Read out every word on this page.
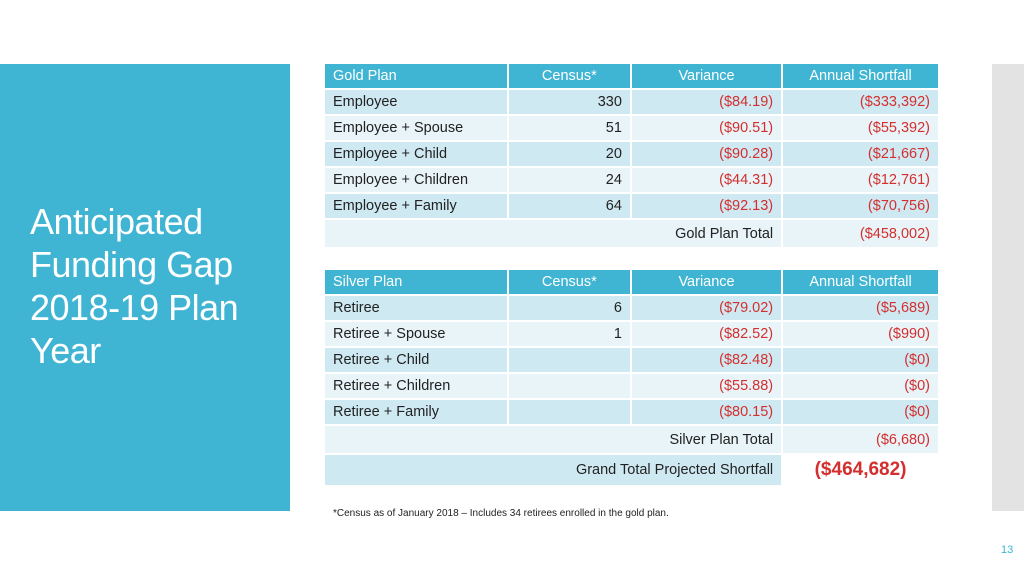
Anticipated Funding Gap 2018-19 Plan Year
Gold Plan	Census*	Variance	Annual Shortfall
Employee	330	($84.19)	($333,392)
Employee + Spouse	51	($90.51)	($55,392)
Employee + Child	20	($90.28)	($21,667)
Employee + Children	24	($44.31)	($12,761)
Employee + Family	64	($92.13)	($70,756)
Gold Plan Total			($458,002)
Silver Plan	Census*	Variance	Annual Shortfall
Retiree	6	($79.02)	($5,689)
Retiree + Spouse	1	($82.52)	($990)
Retiree + Child		($82.48)	($0)
Retiree + Children		($55.88)	($0)
Retiree + Family		($80.15)	($0)
Silver Plan Total			($6,680)
Grand Total Projected Shortfall			($464,682)
*Census as of January 2018 – Includes 34 retirees enrolled in the gold plan.
13
